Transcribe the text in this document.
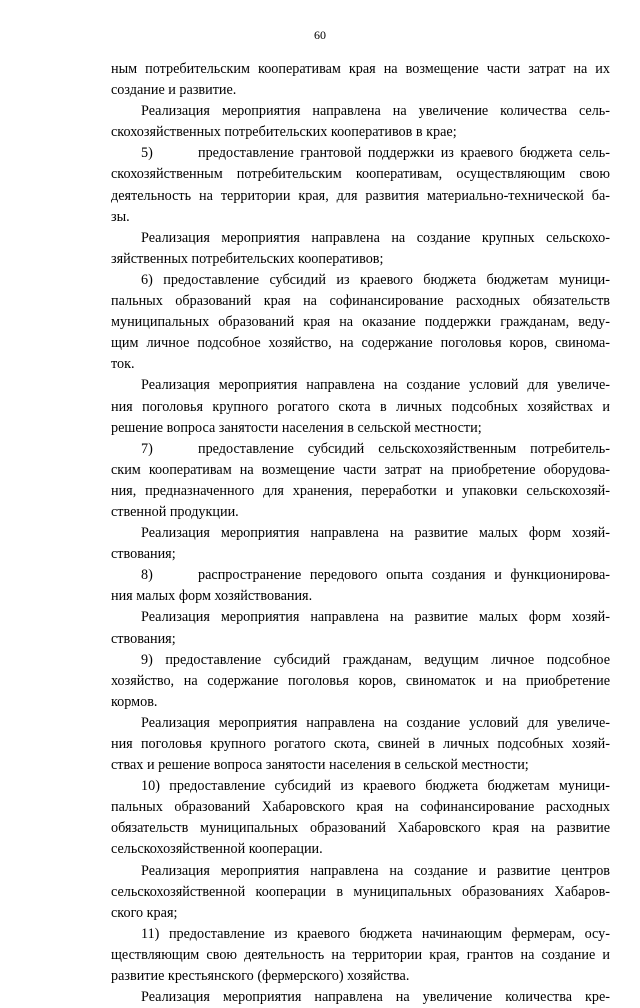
60
ным потребительским кооперативам края на возмещение части затрат на их
создание и развитие.
Реализация мероприятия направлена на увеличение количества сель-
скохозяйственных потребительских кооперативов в крае;
5)	предоставление грантовой поддержки из краевого бюджета сель-
скохозяйственным потребительским кооперативам, осуществляющим свою
деятельность на территории края, для развития материально-технической ба-
зы.
Реализация мероприятия направлена на создание крупных сельскохо-
зяйственных потребительских кооперативов;
6) предоставление субсидий из краевого бюджета бюджетам муници-
пальных образований края на софинансирование расходных обязательств
муниципальных образований края на оказание поддержки гражданам, веду-
щим личное подсобное хозяйство, на содержание поголовья коров, свинома-
ток.
Реализация мероприятия направлена на создание условий для увеличе-
ния поголовья крупного рогатого скота в личных подсобных хозяйствах и
решение вопроса занятости населения в сельской местности;
7)	предоставление субсидий сельскохозяйственным потребитель-
ским кооперативам на возмещение части затрат на приобретение оборудова-
ния, предназначенного для хранения, переработки и упаковки сельскохозяй-
ственной продукции.
Реализация мероприятия направлена на развитие малых форм хозяй-
ствования;
8)	распространение передового опыта создания и функционирова-
ния малых форм хозяйствования.
Реализация мероприятия направлена на развитие малых форм хозяй-
ствования;
9) предоставление субсидий гражданам, ведущим личное подсобное
хозяйство, на содержание поголовья коров, свиноматок и на приобретение
кормов.
Реализация мероприятия направлена на создание условий для увеличе-
ния поголовья крупного рогатого скота, свиней в личных подсобных хозяй-
ствах и решение вопроса занятости населения в сельской местности;
10) предоставление субсидий из краевого бюджета бюджетам муници-
пальных образований Хабаровского края на софинансирование расходных
обязательств муниципальных образований Хабаровского края на развитие
сельскохозяйственной кооперации.
Реализация мероприятия направлена на создание и развитие центров
сельскохозяйственной кооперации в муниципальных образованиях Хабаров-
ского края;
11) предоставление из краевого бюджета начинающим фермерам, осу-
ществляющим свою деятельность на территории края, грантов на создание и
развитие крестьянского (фермерского) хозяйства.
Реализация мероприятия направлена на увеличение количества кре-
